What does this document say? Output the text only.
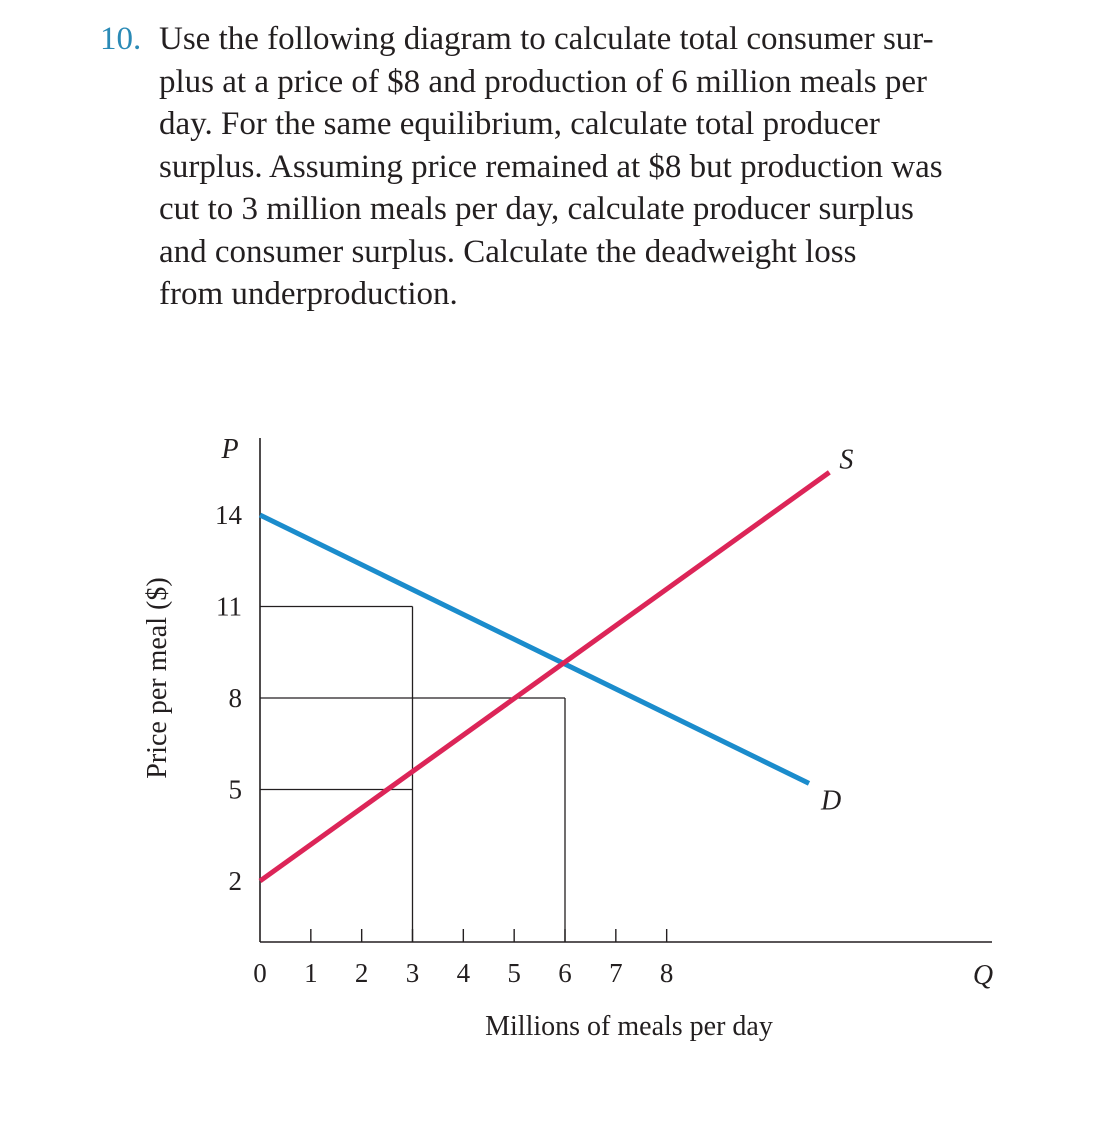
10. Use the following diagram to calculate total consumer sur-
plus at a price of $8 and production of 6 million meals per
day. For the same equilibrium, calculate total producer
surplus. Assuming price remained at $8 but production was
cut to 3 million meals per day, calculate producer surplus
and consumer surplus. Calculate the deadweight loss
from underproduction.
0 1 2 3 4 5 6 7 8
2
5
8
11
14
D
S
P
Q
Millions of meals per day
Price per meal ($)
